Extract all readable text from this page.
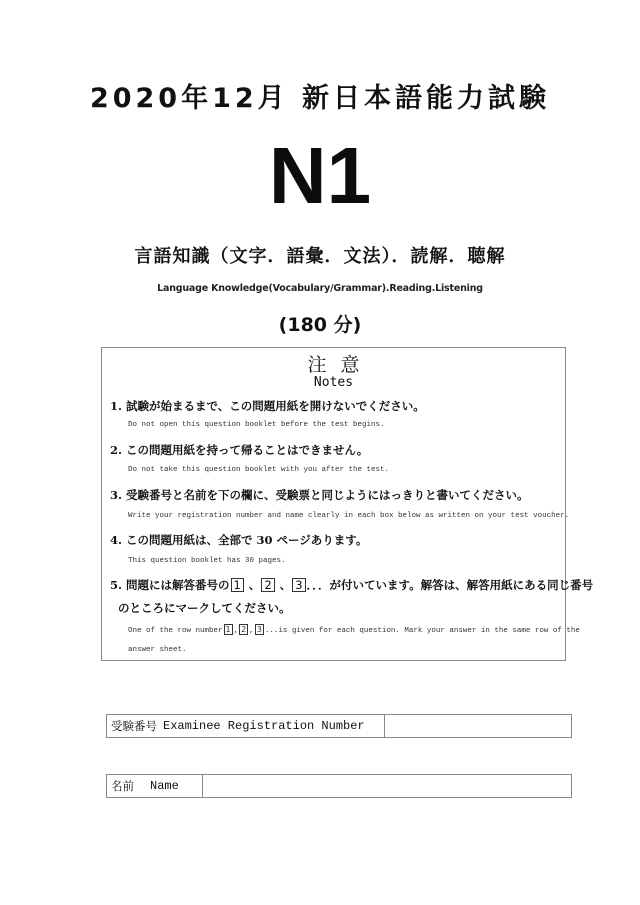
2020年12月 新日本語能力試験
N1
言語知識（文字．語彙．文法）．読解．聴解
Language Knowledge(Vocabulary/Grammar).Reading.Listening
(180 分)
注意
Notes
1. 試験が始まるまで、この問題用紙を開けないでください。
Do not open this question booklet before the test begins.
2. この問題用紙を持って帰ることはできません。
Do not take this question booklet with you after the test.
3. 受験番号と名前を下の欄に、受験票と同じようにはっきりと書いてください。
Write your registration number and name clearly in each box below as written on your test voucher.
4. この問題用紙は、全部で 30 ページあります。
This question booklet has 30 pages.
5. 問題には解答番号の 1 、 2 、 3 ．．．が付いています。解答は、解答用紙にある同じ番号
のところにマークしてください。
One of the row number 1 , 2 , 3 ...is given for each question. Mark your answer in the same row of the
answer sheet.
受験番号 Examinee Registration Number
名前 Name
